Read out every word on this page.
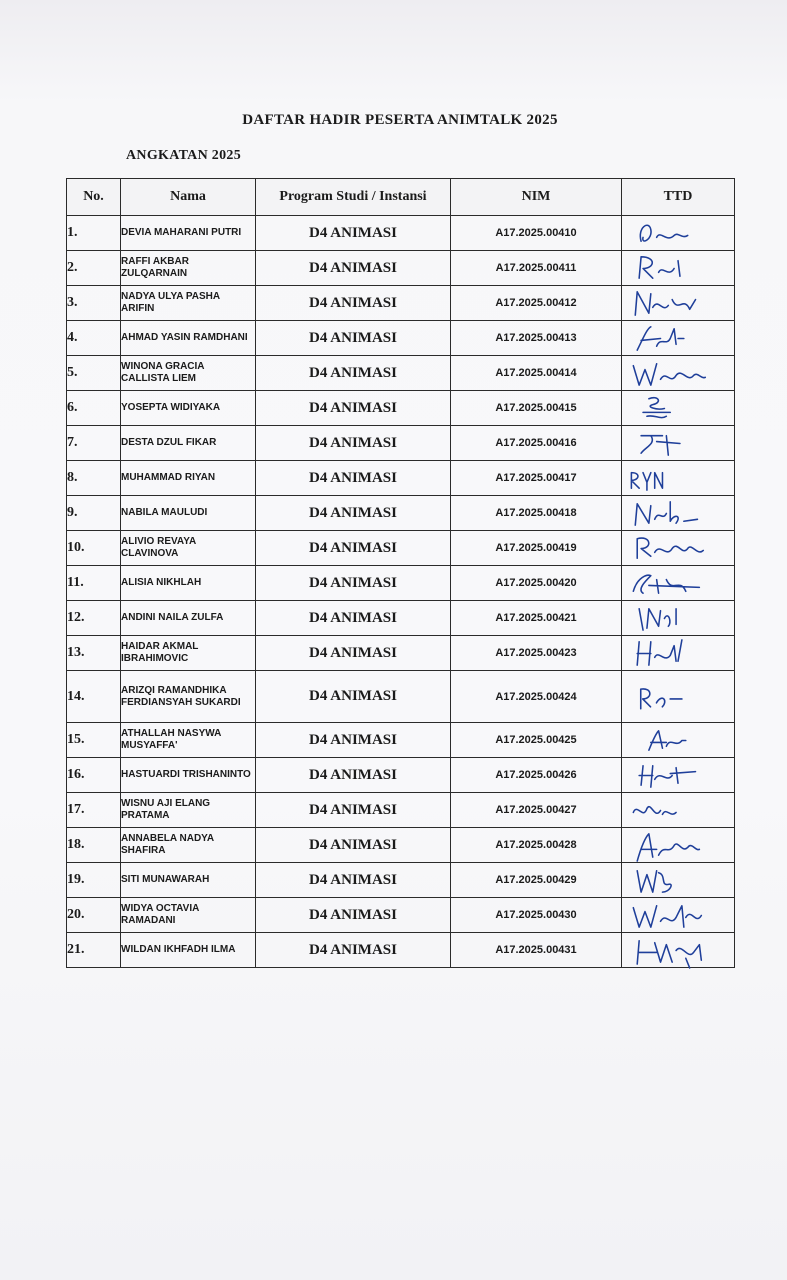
DAFTAR HADIR PESERTA ANIMTALK 2025
ANGKATAN 2025
No.	Nama	Program Studi / Instansi	NIM	TTD
1.	DEVIA MAHARANI PUTRI	D4 ANIMASI	A17.2025.00410	

2.	RAFFI AKBAR ZULQARNAIN	D4 ANIMASI	A17.2025.00411	

3.	NADYA ULYA PASHA ARIFIN	D4 ANIMASI	A17.2025.00412	

4.	AHMAD YASIN RAMDHANI	D4 ANIMASI	A17.2025.00413	

5.	WINONA GRACIA CALLISTA LIEM	D4 ANIMASI	A17.2025.00414	

6.	YOSEPTA WIDIYAKA	D4 ANIMASI	A17.2025.00415	

7.	DESTA DZUL FIKAR	D4 ANIMASI	A17.2025.00416	

8.	MUHAMMAD RIYAN	D4 ANIMASI	A17.2025.00417	

9.	NABILA MAULUDI	D4 ANIMASI	A17.2025.00418	

10.	ALIVIO REVAYA CLAVINOVA	D4 ANIMASI	A17.2025.00419	

11.	ALISIA NIKHLAH	D4 ANIMASI	A17.2025.00420	

12.	ANDINI NAILA ZULFA	D4 ANIMASI	A17.2025.00421	

13.	HAIDAR AKMAL IBRAHIMOVIC	D4 ANIMASI	A17.2025.00423	

14.	ARIZQI RAMANDHIKA FERDIANSYAH SUKARDI	D4 ANIMASI	A17.2025.00424	

15.	ATHALLAH NASYWA MUSYAFFA'	D4 ANIMASI	A17.2025.00425	

16.	HASTUARDI TRISHANINTO	D4 ANIMASI	A17.2025.00426	

17.	WISNU AJI ELANG PRATAMA	D4 ANIMASI	A17.2025.00427	

18.	ANNABELA NADYA SHAFIRA	D4 ANIMASI	A17.2025.00428	

19.	SITI MUNAWARAH	D4 ANIMASI	A17.2025.00429	

20.	WIDYA OCTAVIA RAMADANI	D4 ANIMASI	A17.2025.00430	

21.	WILDAN IKHFADH ILMA	D4 ANIMASI	A17.2025.00431	
